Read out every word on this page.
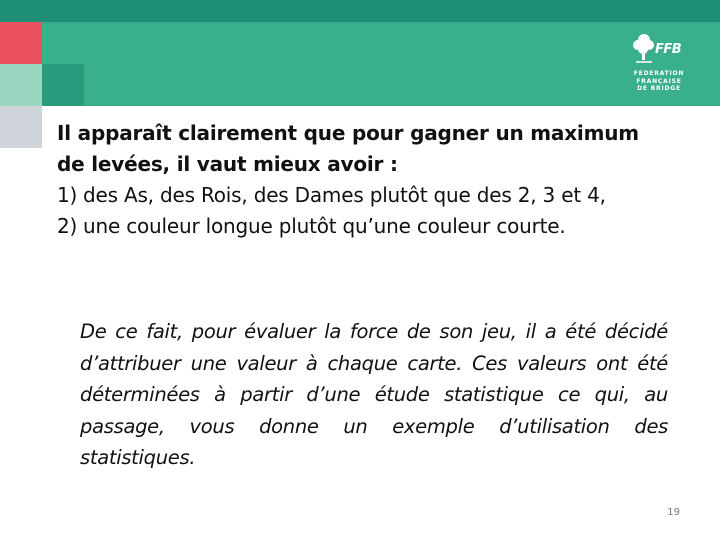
FFB
FEDERATION
FRANÇAISE
DE BRIDGE
Il apparaît clairement que pour gagner un maximum
de levées, il vaut mieux avoir :
1) des As, des Rois, des Dames plutôt que des 2, 3 et 4,
2) une couleur longue plutôt qu’une couleur courte.
De ce fait, pour évaluer la force de son jeu, il a été décidé d’attribuer une valeur à chaque carte. Ces valeurs ont été déterminées à partir d’une étude statistique ce qui, au passage, vous donne un exemple d’utilisation des statistiques.
19
